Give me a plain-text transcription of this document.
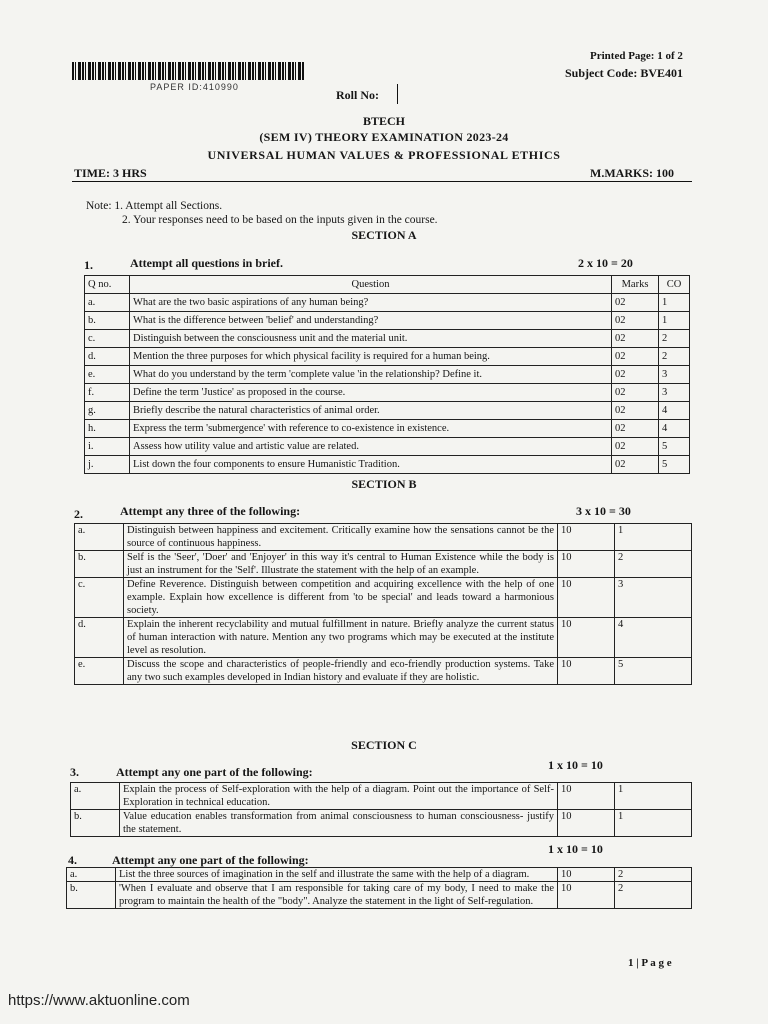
PAPER ID:410990
Printed Page: 1 of 2
Subject Code: BVE401
Roll No:
BTECH
(SEM IV) THEORY EXAMINATION 2023-24
UNIVERSAL HUMAN VALUES & PROFESSIONAL ETHICS
TIME: 3 HRS	M.MARKS: 100
Note: 1. Attempt all Sections.
2. Your responses need to be based on the inputs given in the course.
SECTION A
1.	Attempt all questions in brief.	2 x 10 = 20
Q no.	Question	Marks	CO
a.	What are the two basic aspirations of any human being?	02	1
b.	What is the difference between 'belief' and understanding?	02	1
c.	Distinguish between the consciousness unit and the material unit.	02	2
d.	Mention the three purposes for which physical facility is required for a human being.	02	2
e.	What do you understand by the term 'complete value 'in the relationship? Define it.	02	3
f.	Define the term 'Justice' as proposed in the course.	02	3
g.	Briefly describe the natural characteristics of animal order.	02	4
h.	Express the term 'submergence' with reference to co-existence in existence.	02	4
i.	Assess how utility value and artistic value are related.	02	5
j.	List down the four components to ensure Humanistic Tradition.	02	5
SECTION B
2.	Attempt any three of the following:	3 x 10 = 30
a.	Distinguish between happiness and excitement. Critically examine how the sensations cannot be the source of continuous happiness.	10	1
b.	Self is the 'Seer', 'Doer' and 'Enjoyer' in this way it's central to Human Existence while the body is just an instrument for the 'Self'. Illustrate the statement with the help of an example.	10	2
c.	Define Reverence. Distinguish between competition and acquiring excellence with the help of one example. Explain how excellence is different from 'to be special' and leads toward a harmonious society.	10	3
d.	Explain the inherent recyclability and mutual fulfillment in nature. Briefly analyze the current status of human interaction with nature. Mention any two programs which may be executed at the institute level as resolution.	10	4
e.	Discuss the scope and characteristics of people-friendly and eco-friendly production systems. Take any two such examples developed in Indian history and evaluate if they are holistic.	10	5
SECTION C
3.	Attempt any one part of the following:	1 x 10 = 10
a.	Explain the process of Self-exploration with the help of a diagram. Point out the importance of Self-Exploration in technical education.	10	1
b.	Value education enables transformation from animal consciousness to human consciousness- justify the statement.	10	1
1 x 10 = 10
4.	Attempt any one part of the following:
a.	List the three sources of imagination in the self and illustrate the same with the help of a diagram.	10	2
b.	'When I evaluate and observe that I am responsible for taking care of my body, I need to make the program to maintain the health of the "body". Analyze the statement in the light of Self-regulation.	10	2
1 | P a g e
https://www.aktuonline.com
